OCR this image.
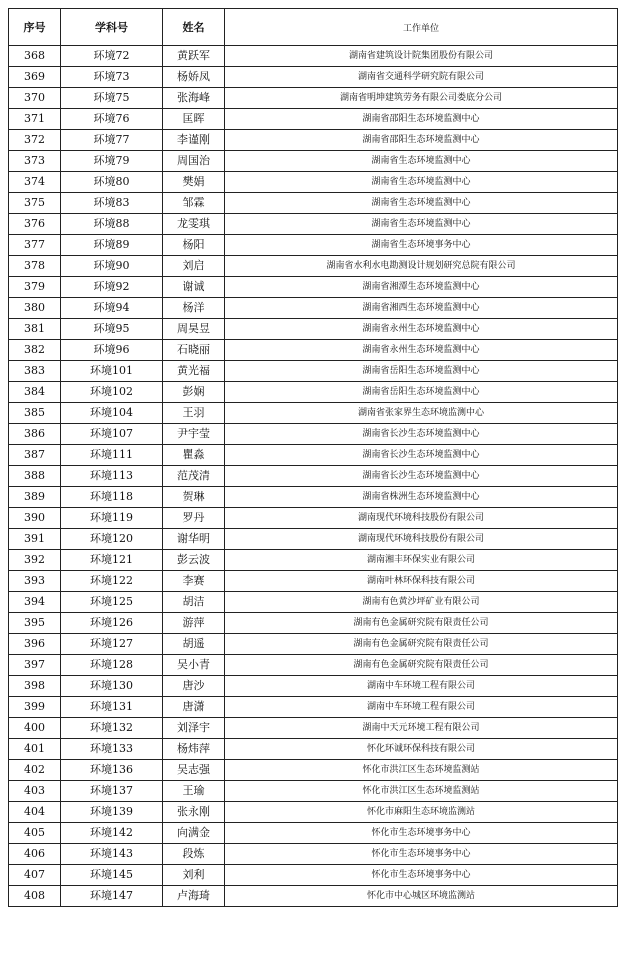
序号	学科号	姓名	工作单位
368	环境72	黄跃军	湖南省建筑设计院集团股份有限公司
369	环境73	杨娇凤	湖南省交通科学研究院有限公司
370	环境75	张海峰	湖南省明坤建筑劳务有限公司娄底分公司
371	环境76	匡晖	湖南省邵阳生态环境监测中心
372	环境77	李谨刚	湖南省邵阳生态环境监测中心
373	环境79	周国治	湖南省生态环境监测中心
374	环境80	樊娟	湖南省生态环境监测中心
375	环境83	邹霖	湖南省生态环境监测中心
376	环境88	龙雯琪	湖南省生态环境监测中心
377	环境89	杨阳	湖南省生态环境事务中心
378	环境90	刘启	湖南省水利水电勘测设计规划研究总院有限公司
379	环境92	谢诚	湖南省湘潭生态环境监测中心
380	环境94	杨洋	湖南省湘西生态环境监测中心
381	环境95	周昊昱	湖南省永州生态环境监测中心
382	环境96	石晓丽	湖南省永州生态环境监测中心
383	环境101	黄光福	湖南省岳阳生态环境监测中心
384	环境102	彭娴	湖南省岳阳生态环境监测中心
385	环境104	王羽	湖南省张家界生态环境监测中心
386	环境107	尹宇莹	湖南省长沙生态环境监测中心
387	环境111	瞿淼	湖南省长沙生态环境监测中心
388	环境113	范茂清	湖南省长沙生态环境监测中心
389	环境118	贺琳	湖南省株洲生态环境监测中心
390	环境119	罗丹	湖南现代环境科技股份有限公司
391	环境120	谢华明	湖南现代环境科技股份有限公司
392	环境121	彭云波	湖南湘丰环保实业有限公司
393	环境122	李赛	湖南叶林环保科技有限公司
394	环境125	胡洁	湖南有色黄沙坪矿业有限公司
395	环境126	游萍	湖南有色金属研究院有限责任公司
396	环境127	胡遥	湖南有色金属研究院有限责任公司
397	环境128	吴小青	湖南有色金属研究院有限责任公司
398	环境130	唐沙	湖南中车环境工程有限公司
399	环境131	唐潇	湖南中车环境工程有限公司
400	环境132	刘泽宇	湖南中天元环境工程有限公司
401	环境133	杨炜萍	怀化环诚环保科技有限公司
402	环境136	吴志强	怀化市洪江区生态环境监测站
403	环境137	王瑜	怀化市洪江区生态环境监测站
404	环境139	张永刚	怀化市麻阳生态环境监测站
405	环境142	向满金	怀化市生态环境事务中心
406	环境143	段炼	怀化市生态环境事务中心
407	环境145	刘利	怀化市生态环境事务中心
408	环境147	卢海琦	怀化市中心城区环境监测站
